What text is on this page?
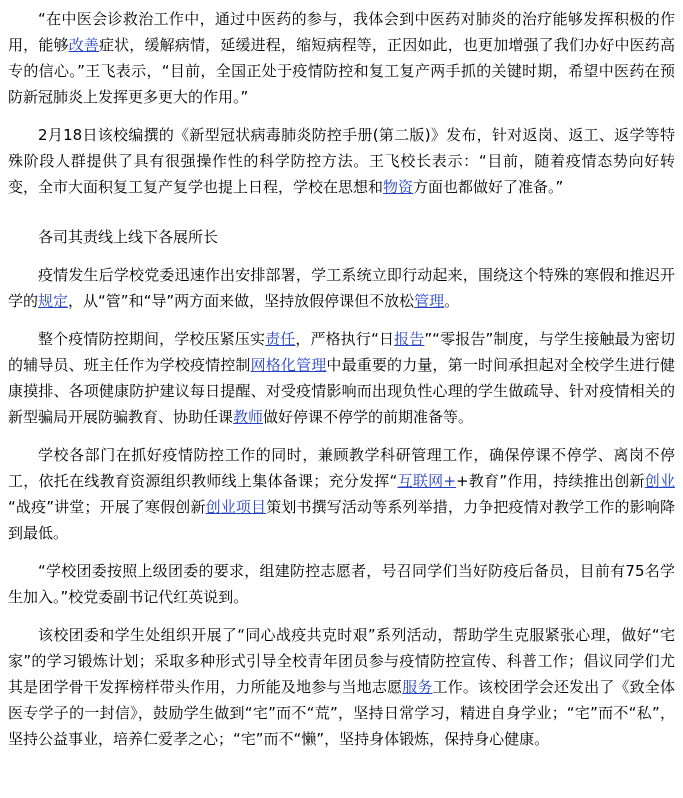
“在中医会诊救治工作中，通过中医药的参与，我体会到中医药对肺炎的治疗能够发挥积极的作用，能够改善症状，缓解病情，延缓进程，缩短病程等，正因如此，也更加增强了我们办好中医药高专的信心。”王飞表示，“目前，全国正处于疫情防控和复工复产两手抓的关键时期，希望中医药在预防新冠肺炎上发挥更多更大的作用。”

2月18日该校编撰的《新型冠状病毒肺炎防控手册(第二版)》发布，针对返岗、返工、返学等特殊阶段人群提供了具有很强操作性的科学防控方法。王飞校长表示：“目前，随着疫情态势向好转变，全市大面积复工复产复学也提上日程，学校在思想和物资方面也都做好了准备。”

各司其责线上线下各展所长

疫情发生后学校党委迅速作出安排部署，学工系统立即行动起来，围绕这个特殊的寒假和推迟开学的规定，从“管”和“导”两方面来做，坚持放假停课但不放松管理。

整个疫情防控期间，学校压紧压实责任，严格执行“日报告”“零报告”制度，与学生接触最为密切的辅导员、班主任作为学校疫情控制网格化管理中最重要的力量，第一时间承担起对全校学生进行健康摸排、各项健康防护建议每日提醒、对受疫情影响而出现负性心理的学生做疏导、针对疫情相关的新型骗局开展防骗教育、协助任课教师做好停课不停学的前期准备等。

学校各部门在抓好疫情防控工作的同时，兼顾教学科研管理工作，确保停课不停学、离岗不停工，依托在线教育资源组织教师线上集体备课；充分发挥“互联网++教育”作用，持续推出创新创业“战疫”讲堂；开展了寒假创新创业项目策划书撰写活动等系列举措，力争把疫情对教学工作的影响降到最低。

“学校团委按照上级团委的要求，组建防控志愿者，号召同学们当好防疫后备员，目前有75名学生加入。”校党委副书记代红英说到。

该校团委和学生处组织开展了“同心战疫共克时艰”系列活动，帮助学生克服紧张心理，做好“宅家”的学习锻炼计划；采取多种形式引导全校青年团员参与疫情防控宣传、科普工作；倡议同学们尤其是团学骨干发挥榜样带头作用，力所能及地参与当地志愿服务工作。该校团学会还发出了《致全体医专学子的一封信》，鼓励学生做到“宅”而不“荒”，坚持日常学习，精进自身学业；“宅”而不“私”，坚持公益事业，培养仁爱孝之心；“宅”而不“懒”，坚持身体锻炼，保持身心健康。
